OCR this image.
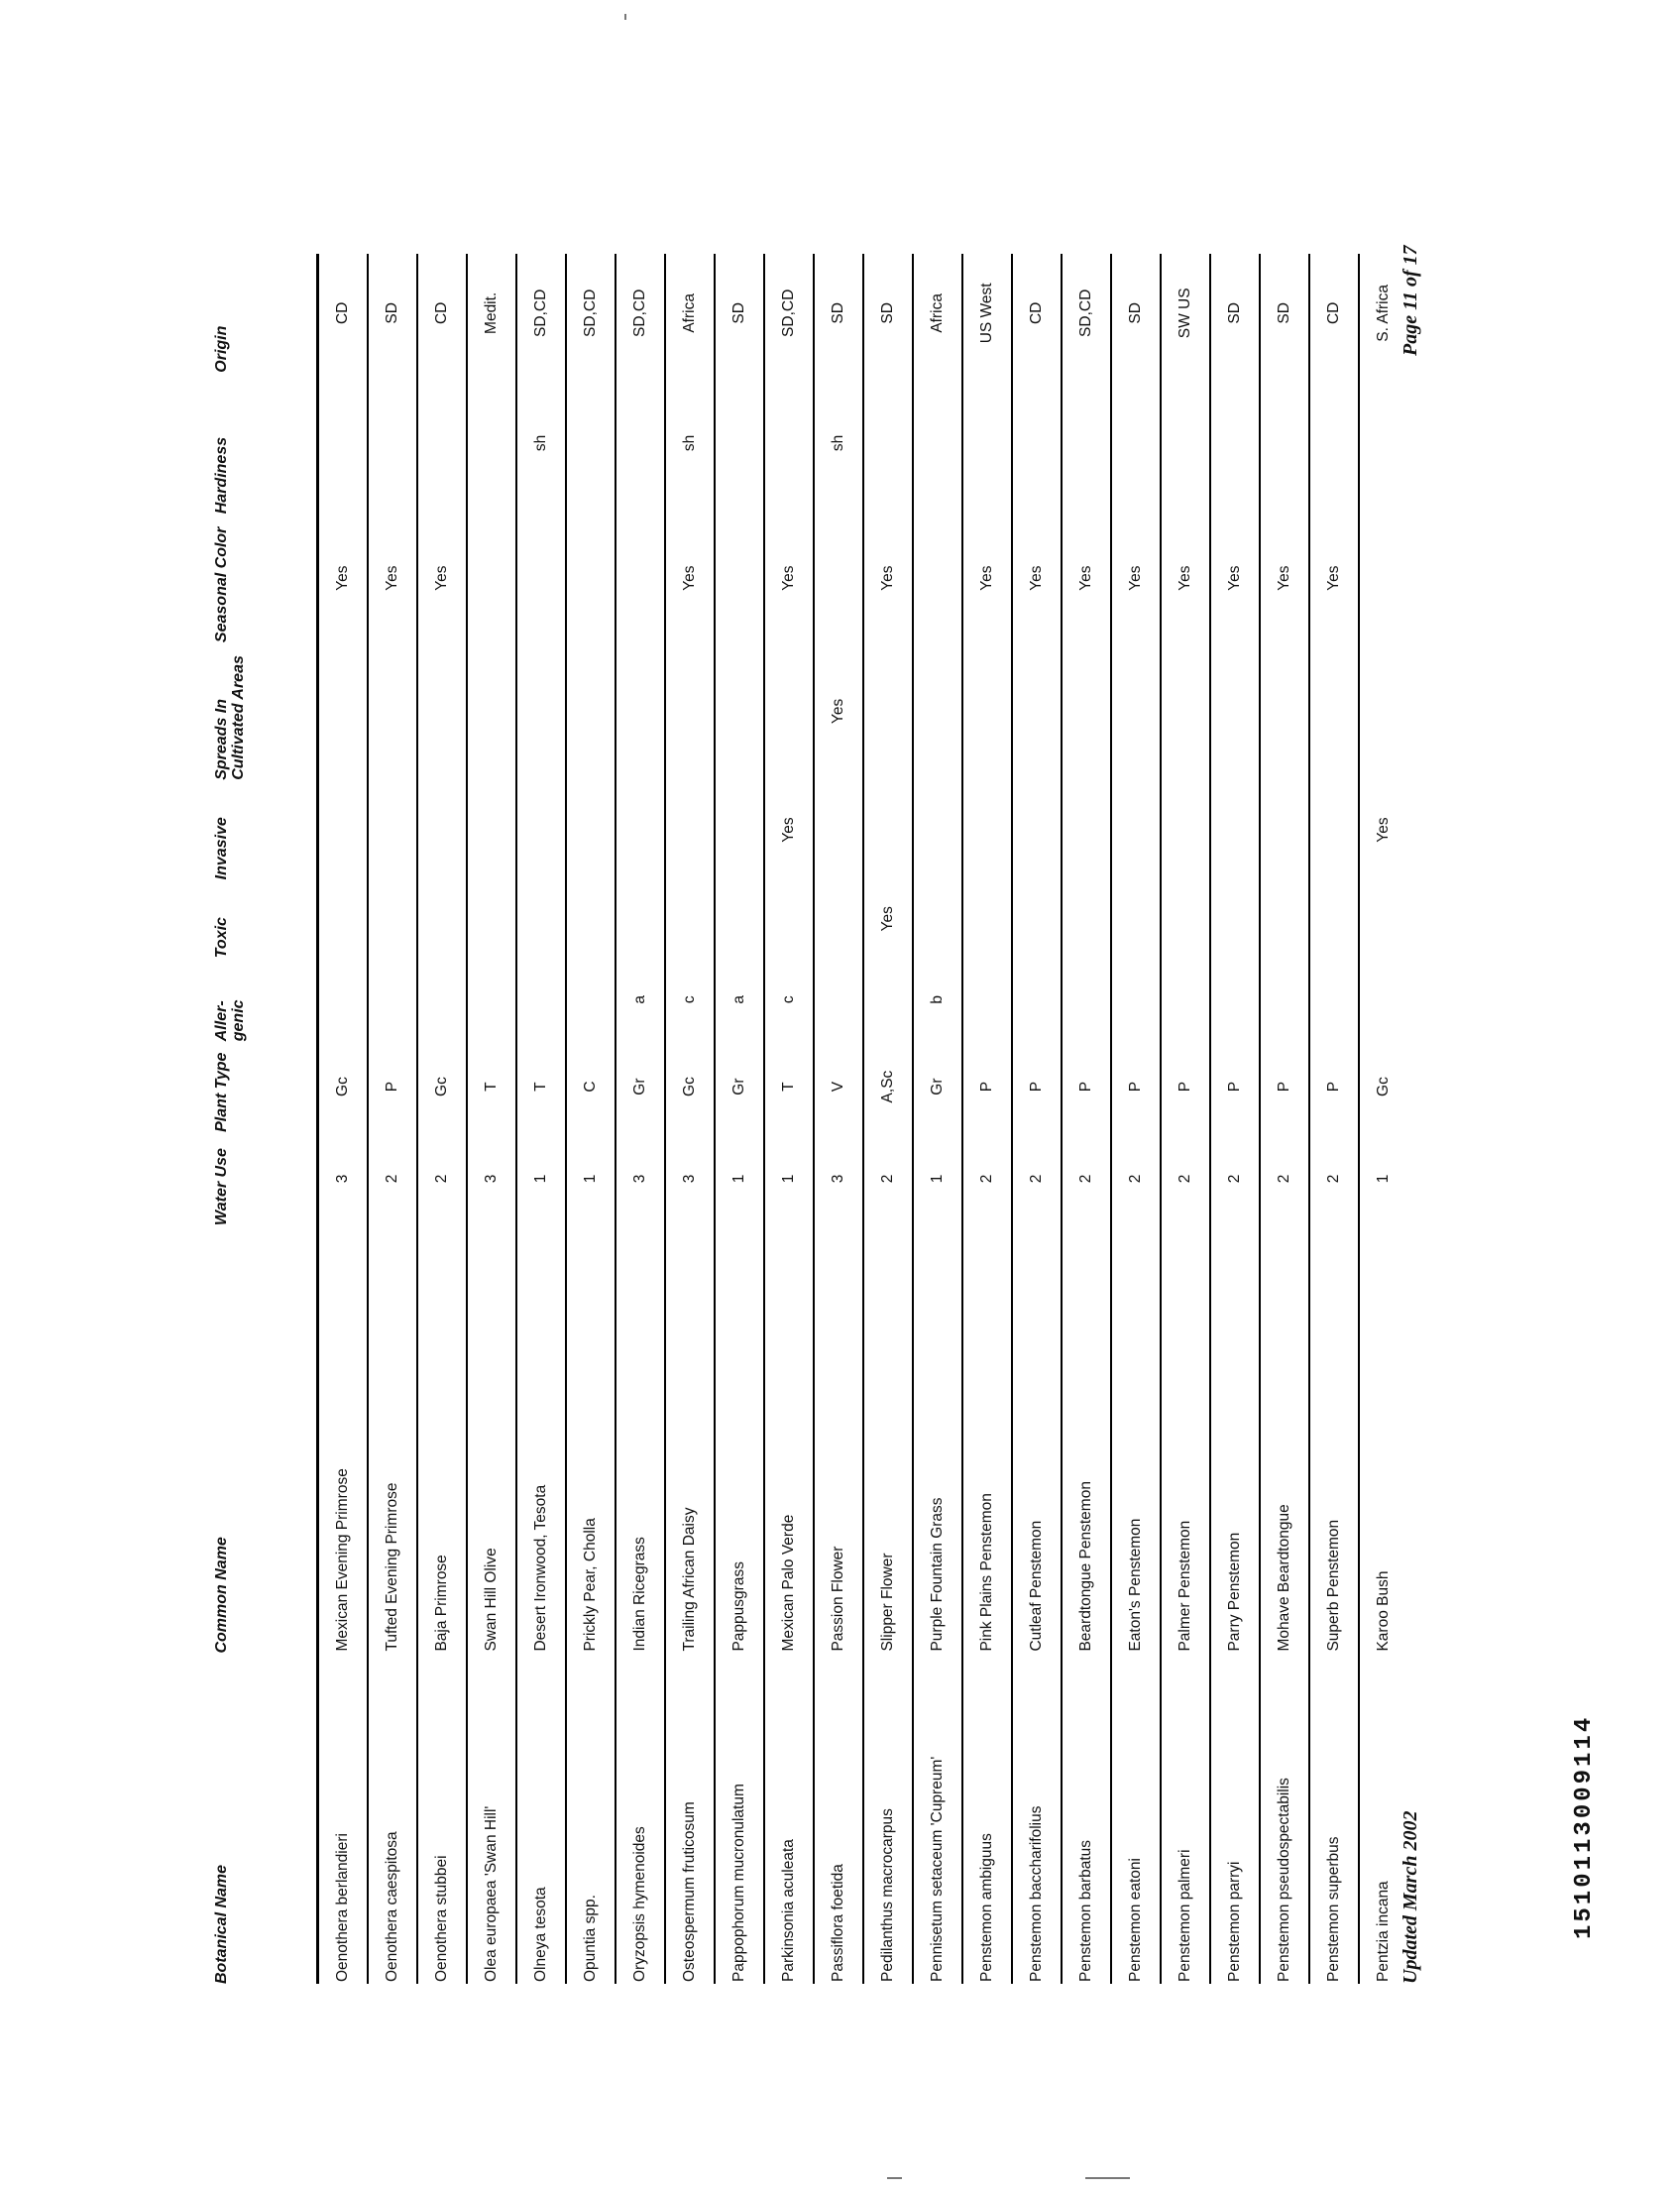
Botanical Name	Common Name	Water Use	Plant Type	Aller- genic	Toxic	Invasive	Spreads In Cultivated Areas	Seasonal Color	Hardiness	Origin
Oenothera berlandieri	Mexican Evening Primrose	3	Gc					Yes		CD
Oenothera caespitosa	Tufted Evening Primrose	2	P					Yes		SD
Oenothera stubbei	Baja Primrose	2	Gc					Yes		CD
Olea europaea 'Swan Hill'	Swan Hill Olive	3	T							Medit.
Olneya tesota	Desert Ironwood, Tesota	1	T						sh	SD,CD
Opuntia spp.	Prickly Pear, Cholla	1	C							SD,CD
Oryzopsis hymenoides	Indian Ricegrass	3	Gr	a						SD,CD
Osteospermum fruticosum	Trailing African Daisy	3	Gc	c				Yes	sh	Africa
Pappophorum mucronulatum	Pappusgrass	1	Gr	a						SD
Parkinsonia aculeata	Mexican Palo Verde	1	T	c		Yes		Yes		SD,CD
Passiflora foetida	Passion Flower	3	V				Yes		sh	SD
Pedilanthus macrocarpus	Slipper Flower	2	A,Sc		Yes			Yes		SD
Pennisetum setaceum 'Cupreum'	Purple Fountain Grass	1	Gr	b						Africa
Penstemon ambiguus	Pink Plains Penstemon	2	P					Yes		US West
Penstemon baccharifolius	Cutleaf Penstemon	2	P					Yes		CD
Penstemon barbatus	Beardtongue Penstemon	2	P					Yes		SD,CD
Penstemon eatoni	Eaton's Penstemon	2	P					Yes		SD
Penstemon palmeri	Palmer Penstemon	2	P					Yes		SW US
Penstemon parryi	Parry Penstemon	2	P					Yes		SD
Penstemon pseudospectabilis	Mohave Beardtongue	2	P					Yes		SD
Penstemon superbus	Superb Penstemon	2	P					Yes		CD
Pentzia incana	Karoo Bush	1	Gc			Yes				S. Africa
Updated March 2002
Page 11 of 17
1510113009114
